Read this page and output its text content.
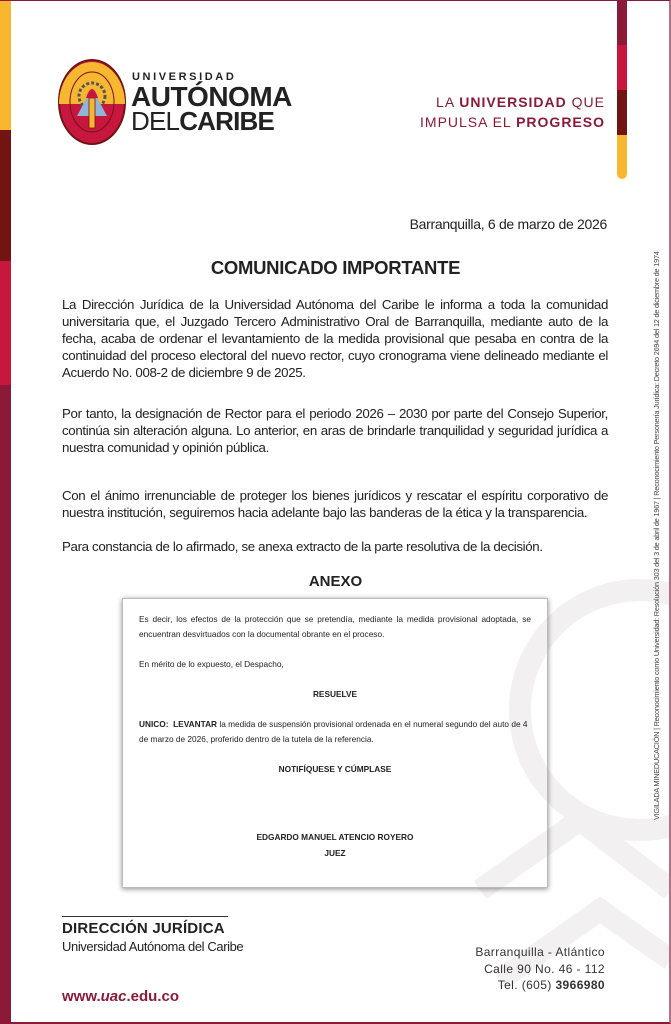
UNIVERSIDAD
AUTÓNOMA
DELCARIBE
LA UNIVERSIDAD QUE
IMPULSA EL PROGRESO
Barranquilla, 6 de marzo de 2026
COMUNICADO IMPORTANTE
La Dirección Jurídica de la Universidad Autónoma del Caribe le informa a toda la comunidad universitaria que, el Juzgado Tercero Administrativo Oral de Barranquilla, mediante auto de la fecha, acaba de ordenar el levantamiento de la medida provisional que pesaba en contra de la continuidad del proceso electoral del nuevo rector, cuyo cronograma viene delineado mediante el Acuerdo No. 008-2 de diciembre 9 de 2025.
Por tanto, la designación de Rector para el periodo 2026 – 2030 por parte del Consejo Superior, continúa sin alteración alguna. Lo anterior, en aras de brindarle tranquilidad y seguridad jurídica a nuestra comunidad y opinión pública.
Con el ánimo irrenunciable de proteger los bienes jurídicos y rescatar el espíritu corporativo de nuestra institución, seguiremos hacia adelante bajo las banderas de la ética y la transparencia.
Para constancia de lo afirmado, se anexa extracto de la parte resolutiva de la decisión.
ANEXO

Es decir, los efectos de la protección que se pretendía, mediante la medida provisional adoptada, se encuentran desvirtuados con la documental obrante en el proceso.

En mérito de lo expuesto, el Despacho,

RESUELVE

UNICO:  LEVANTAR la medida de suspensión provisional ordenada en el numeral segundo del auto de 4 de marzo de 2026, proferido dentro de la tutela de la referencia.

NOTIFÍQUESE Y CÚMPLASE

EDGARDO MANUEL ATENCIO ROYERO

JUEZ

VIGILADA MINEDUCACIÓN | Reconocimiento como Universidad: Resolución 303 del 3 de abril de 1967 | Reconocimiento Personería Jurídica: Decreto 2694 del 12 de diciembre de 1974
DIRECCIÓN JURÍDICA
Universidad Autónoma del Caribe
www.uac.edu.co
Barranquilla - Atlántico
Calle 90 No. 46 - 112
Tel. (605) 3966980
